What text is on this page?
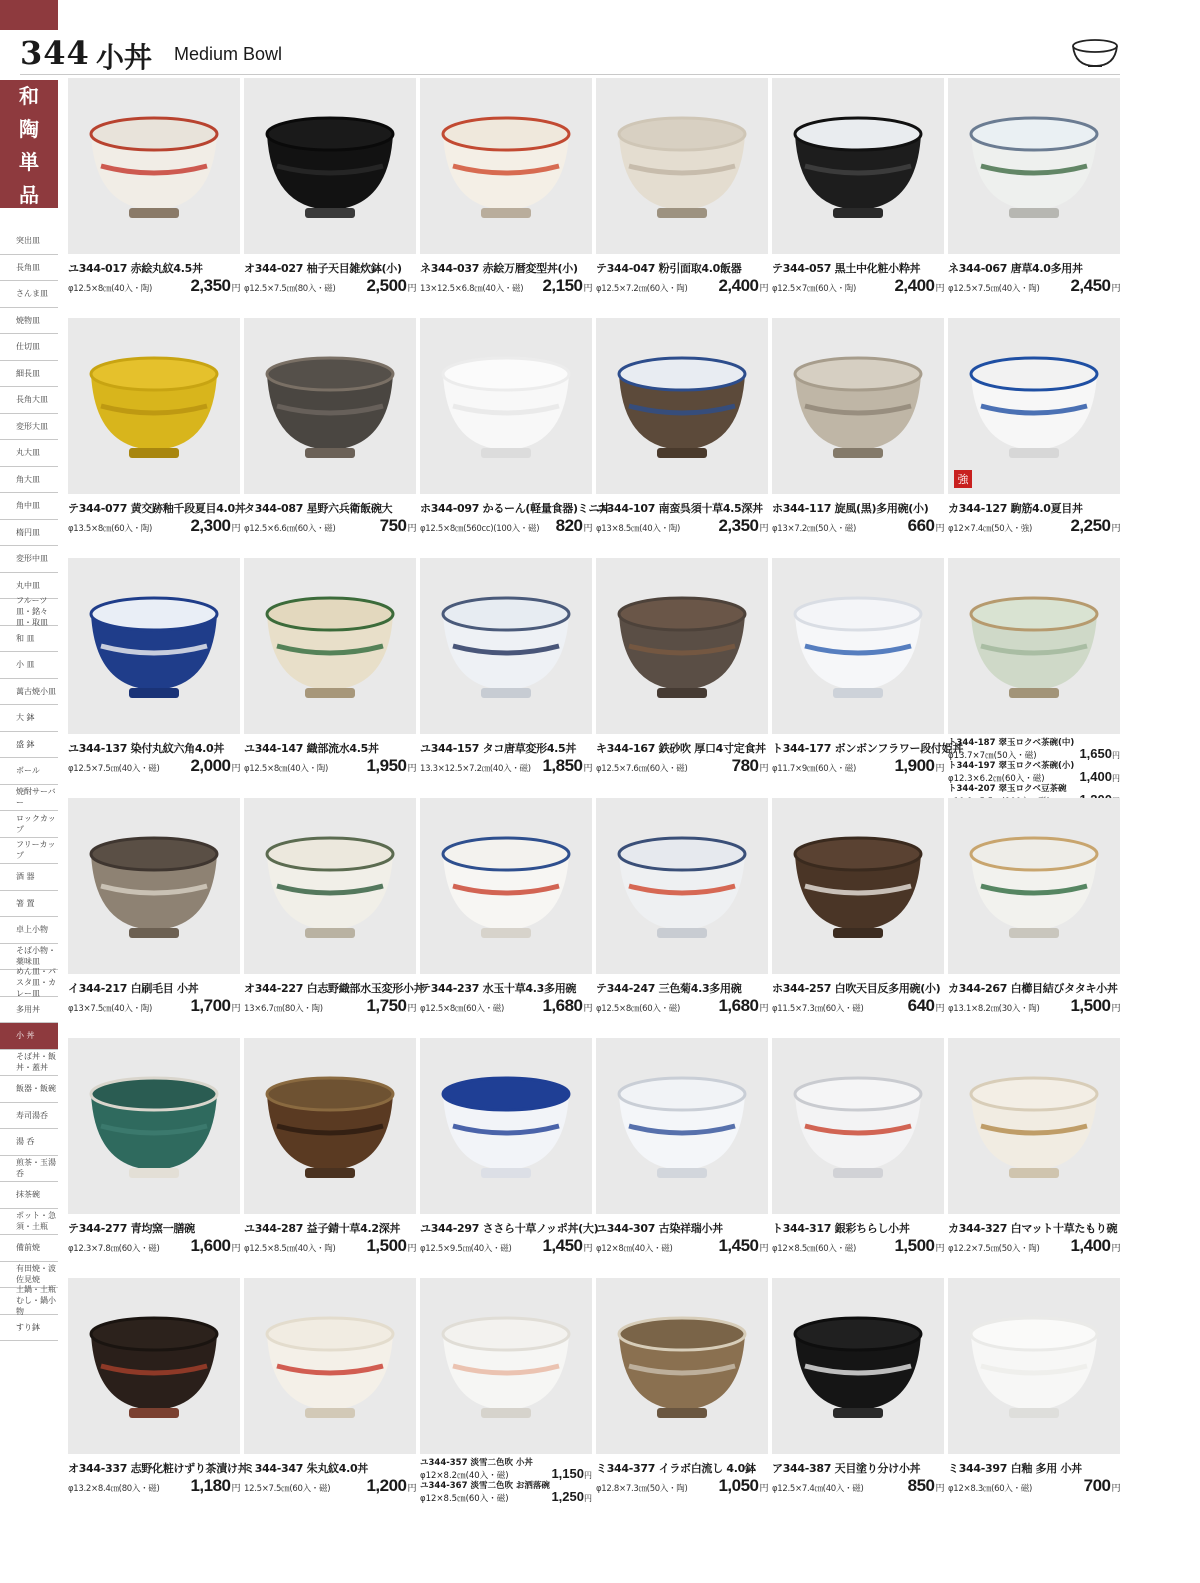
344 小丼 Medium Bowl
和
陶
単
品
突出皿
長角皿
さんま皿
焼物皿
仕切皿
細長皿
長角大皿
変形大皿
丸大皿
角大皿
角中皿
楕円皿
変形中皿
丸中皿
フルーツ皿・銘々皿・取皿
和 皿
小 皿
萬古焼小皿
大 鉢
盛 鉢
ボール
焼酎サーバー
ロックカップ
フリーカップ
酒 器
箸 置
卓上小物
そば小物・薬味皿
めん皿・パスタ皿・カレー皿
多用丼
小 丼
そば丼・飯丼・蓋丼
飯器・飯碗
寿司湯呑
湯 呑
煎茶・玉湯呑
抹茶碗
ポット・急須・土瓶
備前焼
有田焼・波佐見焼
土鍋・土瓶むし・鍋小物
すり鉢
ユ344-017 赤絵丸紋4.5丼
φ12.5×8㎝(40入・陶) 2,350円
オ344-027 柚子天目雑炊鉢(小)
φ12.5×7.5㎝(80入・磁) 2,500円
ネ344-037 赤絵万暦変型丼(小)
13×12.5×6.8㎝(40入・磁) 2,150円
テ344-047 粉引面取4.0飯器
φ12.5×7.2㎝(60入・陶) 2,400円
テ344-057 黒土中化粧小粋丼
φ12.5×7㎝(60入・陶) 2,400円
ネ344-067 唐草4.0多用丼
φ12.5×7.5㎝(40入・陶) 2,450円
テ344-077 黄交跡釉千段夏目4.0丼
φ13.5×8㎝(60入・陶) 2,300円
タ344-087 星野六兵衛飯碗大
φ12.5×6.6㎝(60入・磁)	750円
ホ344-097 かるーん(軽量食器)ミニ丼
φ12.5×8㎝(560cc)(100入・磁) 820円
ユ344-107 南蛮呉須十草4.5深丼
φ13×8.5㎝(40入・陶) 2,350円
ホ344-117 旋風(黒)多用碗(小)
φ13×7.2㎝(50入・磁)	660円
強
カ344-127 駒筋4.0夏目丼
φ12×7.4㎝(50入・強) 2,250円
ユ344-137 染付丸紋六角4.0丼
φ12.5×7.5㎝(40入・磁) 2,000円
ユ344-147 織部流水4.5丼
φ12.5×8㎝(40入・陶) 1,950円
ユ344-157 タコ唐草変形4.5丼
13.3×12.5×7.2㎝(40入・磁) 1,850円
キ344-167 鉄砂吹 厚口4寸定食丼
φ12.5×7.6㎝(60入・磁)	780円
ト344-177 ボンボンフラワー段付姫丼
φ11.7×9㎝(60入・磁) 1,900円
ト344-187 翠玉ロクベ茶碗(中)
φ13.7×7㎝(50入・磁)	1,650円
ト344-197 翠玉ロクベ茶碗(小)
φ12.3×6.2㎝(60入・磁)	1,400円
ト344-207 翠玉ロクベ豆茶碗
イ344-217 白刷毛目 小丼
φ13×7.5㎝(40入・陶) 1,700円
オ344-227 白志野織部水玉変形小丼
13×6.7㎝(80入・陶)	1,750円
テ344-237 水玉十草4.3多用碗
φ12.5×8㎝(60入・磁) 1,680円
テ344-247 三色菊4.3多用碗
φ12.5×8㎝(60入・磁) 1,680円
ホ344-257 白吹天目反多用碗(小)
φ11.5×7.3㎝(60入・磁)	640円
カ344-267 白櫛目結びタタキ小丼
φ13.1×8.2㎝(30入・陶) 1,500円
テ344-277 青均窯一膳碗
φ12.3×7.8㎝(60入・磁) 1,600円
ユ344-287 益子錆十草4.2深丼
φ12.5×8.5㎝(40入・陶) 1,500円
ユ344-297 ささら十草ノッポ丼(大)
φ12.5×9.5㎝(40入・磁) 1,450円
ユ344-307 古染祥瑞小丼
φ12×8㎝(40入・磁)	1,450円
ト344-317 銀彩ちらし小丼
φ12×8.5㎝(60入・磁) 1,500円
カ344-327 白マット十草たもり碗
φ12.2×7.5㎝(50入・陶) 1,400円
オ344-337 志野化粧けずり茶漬け丼
φ13.2×8.4㎝(80入・磁) 1,180円
ミ344-347 朱丸紋4.0丼
12.5×7.5㎝(60入・磁) 1,200円
ユ344-357 淡雪二色吹 小丼
φ12×8.2㎝(40入・磁)	1,150円
ユ344-367 淡雪二色吹 お洒落碗
φ12×8.5㎝(60入・磁)	1,250円
ミ344-377 イラボ白流し 4.0鉢
φ12.8×7.3㎝(50入・陶) 1,050円
ア344-387 天目塗り分け小丼
φ12.5×7.4㎝(40入・磁)	850円
ミ344-397 白釉 多用 小丼
φ12×8.3㎝(60入・磁)	700円
